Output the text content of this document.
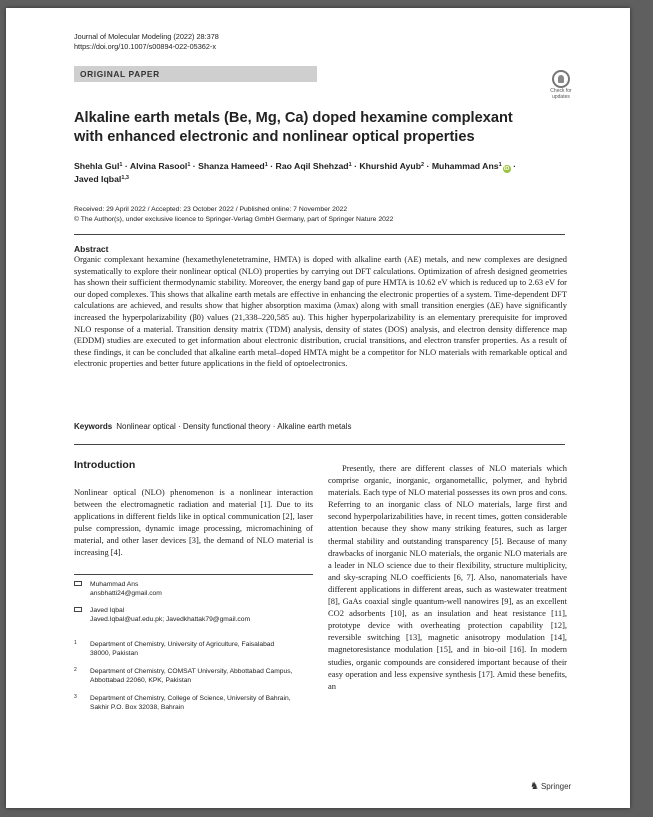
Journal of Molecular Modeling (2022) 28:378
https://doi.org/10.1007/s00894-022-05362-x
ORIGINAL PAPER
Check for
updates
Alkaline earth metals (Be, Mg, Ca) doped hexamine complexant with enhanced electronic and nonlinear optical properties
Shehla Gul$^1$ · Alvina Rasool$^1$ · Shanza Hameed$^1$ · Rao Aqil Shehzad$^1$ · Khurshid Ayub$^2$ · Muhammad Ans$^1$iD ·
Javed Iqbal$^{1,3}$
Received: 29 April 2022 / Accepted: 23 October 2022 / Published online: 7 November 2022
© The Author(s), under exclusive licence to Springer-Verlag GmbH Germany, part of Springer Nature 2022
Abstract
Organic complexant hexamine (hexamethylenetetramine, HMTA) is doped with alkaline earth (AE) metals, and new complexes are designed systematically to explore their nonlinear optical (NLO) properties by carrying out DFT calculations. Optimization of afresh designed geometries has shown their sufficient thermodynamic stability. Moreover, the energy band gap of pure HMTA is 10.62 eV which is reduced up to 2.63 eV for our doped complexes. This shows that alkaline earth metals are effective in enhancing the electronic properties of a system. Time-dependent DFT calculations are achieved, and results show that higher absorption maxima (λmax) along with small transition energies (ΔE) have significantly increased the hyperpolarizability (β0) values (21,338–220,585 au). This higher hyperpolarizability is an elementary prerequisite for improved NLO response of a material. Transition density matrix (TDM) analysis, density of states (DOS) analysis, and electron density difference map (EDDM) studies are executed to get information about electronic distribution, crucial transitions, and electron transfer properties. As a result of these findings, it can be concluded that alkaline earth metal–doped HMTA might be a competitor for NLO materials with remarkable optical and electronic properties and better future applications in the field of optoelectronics.
Keywords Nonlinear optical · Density functional theory · Alkaline earth metals
Introduction
Nonlinear optical (NLO) phenomenon is a nonlinear interaction between the electromagnetic radiation and material [1]. Due to its applications in different fields like in optical communication [2], laser pulse compression, dynamic image processing, micromachining of material, and other laser devices [3], the demand of NLO material is increasing [4].
Presently, there are different classes of NLO materials which comprise organic, inorganic, organometallic, polymer, and hybrid materials. Each type of NLO material possesses its own pros and cons. Referring to an inorganic class of NLO materials, large first and second hyperpolarizabilities have, in recent times, gotten considerable attention because they show many striking features, such as larger thermal stability and outstanding transparency [5]. Because of many drawbacks of inorganic NLO materials, the organic NLO materials are a leader in NLO science due to their flexibility, structure multiplicity, and sky-scraping NLO coefficients [6, 7]. Also, nanomaterials have different applications in different areas, such as wastewater treatment [8], GaAs coaxial single quantum-well nanowires [9], as an excellent CO2 adsorbents [10], as an insulation and heat resistance [11], prototype device with overheating protection capability [12], reversible switching [13], magnetic anisotropy modulation [14], magnetoresistance modulation [15], and in bio-oil [16]. In modern studies, organic compounds are considered important because of their easy operation and less expensive synthesis [17]. Amid these benefits, an
Muhammad Ans
ansbhatti24@gmail.com
Javed Iqbal
Javed.Iqbal@uaf.edu.pk; Javedkhattak79@gmail.com
1 Department of Chemistry, University of Agriculture, Faisalabad 38000, Pakistan
2 Department of Chemistry, COMSAT University, Abbottabad Campus, Abbottabad 22060, KPK, Pakistan
3 Department of Chemistry, College of Science, University of Bahrain, Sakhir P.O. Box 32038, Bahrain
♞ Springer
